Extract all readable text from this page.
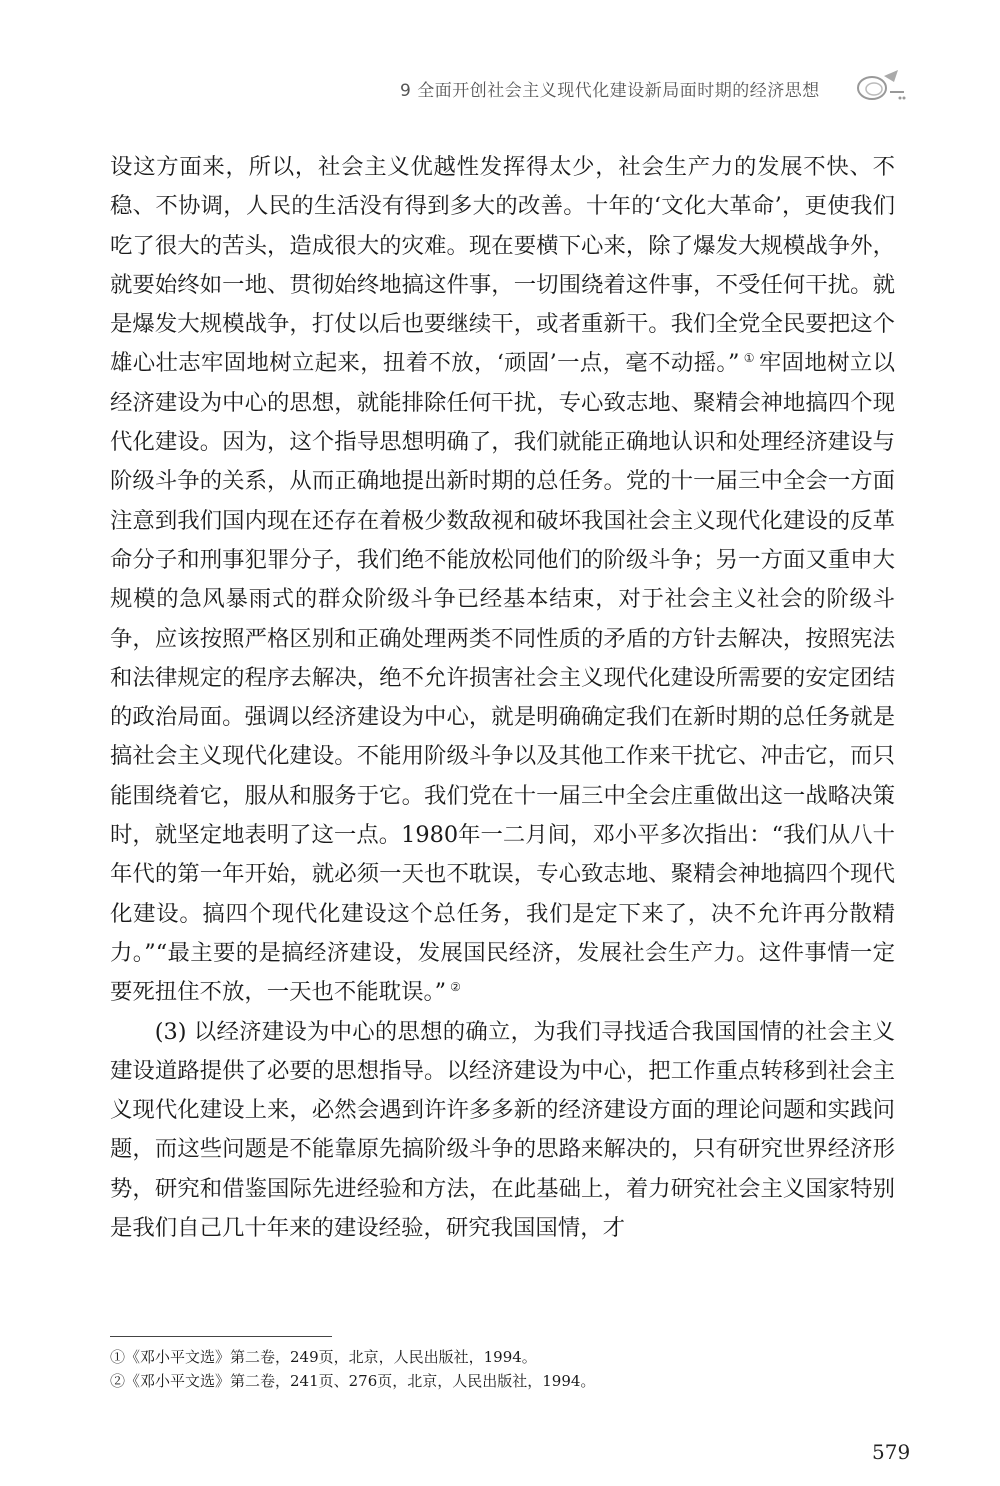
9 全面开创社会主义现代化建设新局面时期的经济思想

设这方面来，所以，社会主义优越性发挥得太少，社会生产力的发展不快、不稳、不协调，人民的生活没有得到多大的改善。十年的‘文化大革命’，更使我们吃了很大的苦头，造成很大的灾难。现在要横下心来，除了爆发大规模战争外，就要始终如一地、贯彻始终地搞这件事，一切围绕着这件事，不受任何干扰。就是爆发大规模战争，打仗以后也要继续干，或者重新干。我们全党全民要把这个雄心壮志牢固地树立起来，扭着不放，‘顽固’一点，毫不动摇。” ① 牢固地树立以经济建设为中心的思想，就能排除任何干扰，专心致志地、聚精会神地搞四个现代化建设。因为，这个指导思想明确了，我们就能正确地认识和处理经济建设与阶级斗争的关系，从而正确地提出新时期的总任务。党的十一届三中全会一方面注意到我们国内现在还存在着极少数敌视和破坏我国社会主义现代化建设的反革命分子和刑事犯罪分子，我们绝不能放松同他们的阶级斗争；另一方面又重申大规模的急风暴雨式的群众阶级斗争已经基本结束，对于社会主义社会的阶级斗争，应该按照严格区别和正确处理两类不同性质的矛盾的方针去解决，按照宪法和法律规定的程序去解决，绝不允许损害社会主义现代化建设所需要的安定团结的政治局面。强调以经济建设为中心，就是明确确定我们在新时期的总任务就是搞社会主义现代化建设。不能用阶级斗争以及其他工作来干扰它、冲击它，而只能围绕着它，服从和服务于它。我们党在十一届三中全会庄重做出这一战略决策时，就坚定地表明了这一点。1980年一二月间，邓小平多次指出：“我们从八十年代的第一年开始，就必须一天也不耽误，专心致志地、聚精会神地搞四个现代化建设。搞四个现代化建设这个总任务，我们是定下来了，决不允许再分散精力。”“最主要的是搞经济建设，发展国民经济，发展社会生产力。这件事情一定要死扭住不放，一天也不能耽误。” ②

(3) 以经济建设为中心的思想的确立，为我们寻找适合我国国情的社会主义建设道路提供了必要的思想指导。以经济建设为中心，把工作重点转移到社会主义现代化建设上来，必然会遇到许许多多新的经济建设方面的理论问题和实践问题，而这些问题是不能靠原先搞阶级斗争的思路来解决的，只有研究世界经济形势，研究和借鉴国际先进经验和方法，在此基础上，着力研究社会主义国家特别是我们自己几十年来的建设经验，研究我国国情，才

①《邓小平文选》第二卷，249页，北京，人民出版社，1994。
②《邓小平文选》第二卷，241页、276页，北京，人民出版社，1994。
579
